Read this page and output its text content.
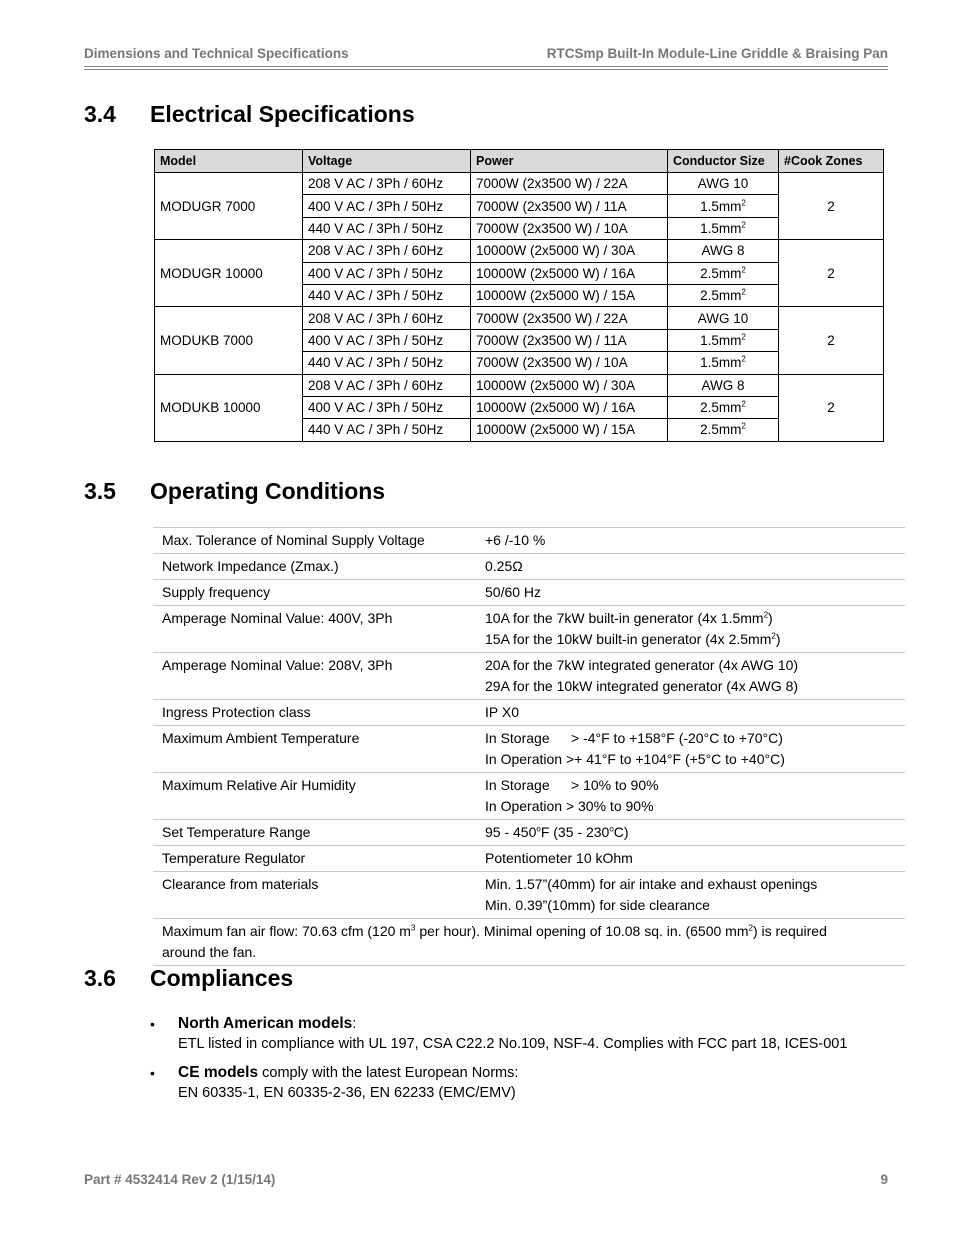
Dimensions and Technical Specifications	RTCSmp Built-In Module-Line Griddle & Braising Pan
3.4 Electrical Specifications
Model	Voltage	Power	Conductor Size	#Cook Zones
MODUGR 7000	208 V AC / 3Ph / 60Hz	7000W (2x3500 W) / 22A	AWG 10	2
	400 V AC / 3Ph / 50Hz	7000W (2x3500 W) / 11A	$1.5mm^2$
	440 V AC / 3Ph / 50Hz	7000W (2x3500 W) / 10A	$1.5mm^2$
MODUGR 10000	208 V AC / 3Ph / 60Hz	10000W (2x5000 W) / 30A	AWG 8	2
	400 V AC / 3Ph / 50Hz	10000W (2x5000 W) / 16A	$2.5mm^2$
	440 V AC / 3Ph / 50Hz	10000W (2x5000 W) / 15A	$2.5mm^2$
MODUKB 7000	208 V AC / 3Ph / 60Hz	7000W (2x3500 W) / 22A	AWG 10	2
	400 V AC / 3Ph / 50Hz	7000W (2x3500 W) / 11A	$1.5mm^2$
	440 V AC / 3Ph / 50Hz	7000W (2x3500 W) / 10A	$1.5mm^2$
MODUKB 10000	208 V AC / 3Ph / 60Hz	10000W (2x5000 W) / 30A	AWG 8	2
	400 V AC / 3Ph / 50Hz	10000W (2x5000 W) / 16A	$2.5mm^2$
	440 V AC / 3Ph / 50Hz	10000W (2x5000 W) / 15A	$2.5mm^2$
3.5 Operating Conditions
Max. Tolerance of Nominal Supply Voltage	+6 /-10 %
Network Impedance (Zmax.)	0.25Ω
Supply frequency	50/60 Hz
Amperage Nominal Value: 400V, 3Ph	10A for the 7kW built-in generator (4x $1.5mm^2$)
15A for the 10kW built-in generator (4x $2.5mm^2$)

Amperage Nominal Value: 208V, 3Ph	20A for the 7kW integrated generator (4x AWG 10)
29A for the 10kW integrated generator (4x AWG 8)

Ingress Protection class	IP X0
Maximum Ambient Temperature	In Storage > -4°F to +158°F (-20°C to +70°C)
In Operation >+ 41°F to +104°F (+5°C to +40°C)

Maximum Relative Air Humidity	In Storage > 10% to 90%
In Operation > 30% to 90%

Set Temperature Range	95 - 450$^o$F (35 - 230$^o$C)
Temperature Regulator	Potentiometer 10 kOhm
Clearance from materials	Min. 1.57”(40mm) for air intake and exhaust openings
Min. 0.39”(10mm) for side clearance

Maximum fan air flow: 70.63 cfm (120 $m^3$ per hour). Minimal opening of 10.08 sq. in. (6500 $mm^2$) is required around the fan.	
3.6 Compliances
• North American models:
ETL listed in compliance with UL 197, CSA C22.2 No.109, NSF-4. Complies with FCC part 18, ICES-001
• CE models comply with the latest European Norms:
EN 60335-1, EN 60335-2-36, EN 62233 (EMC/EMV)
Part # 4532414 Rev 2 (1/15/14)	9
